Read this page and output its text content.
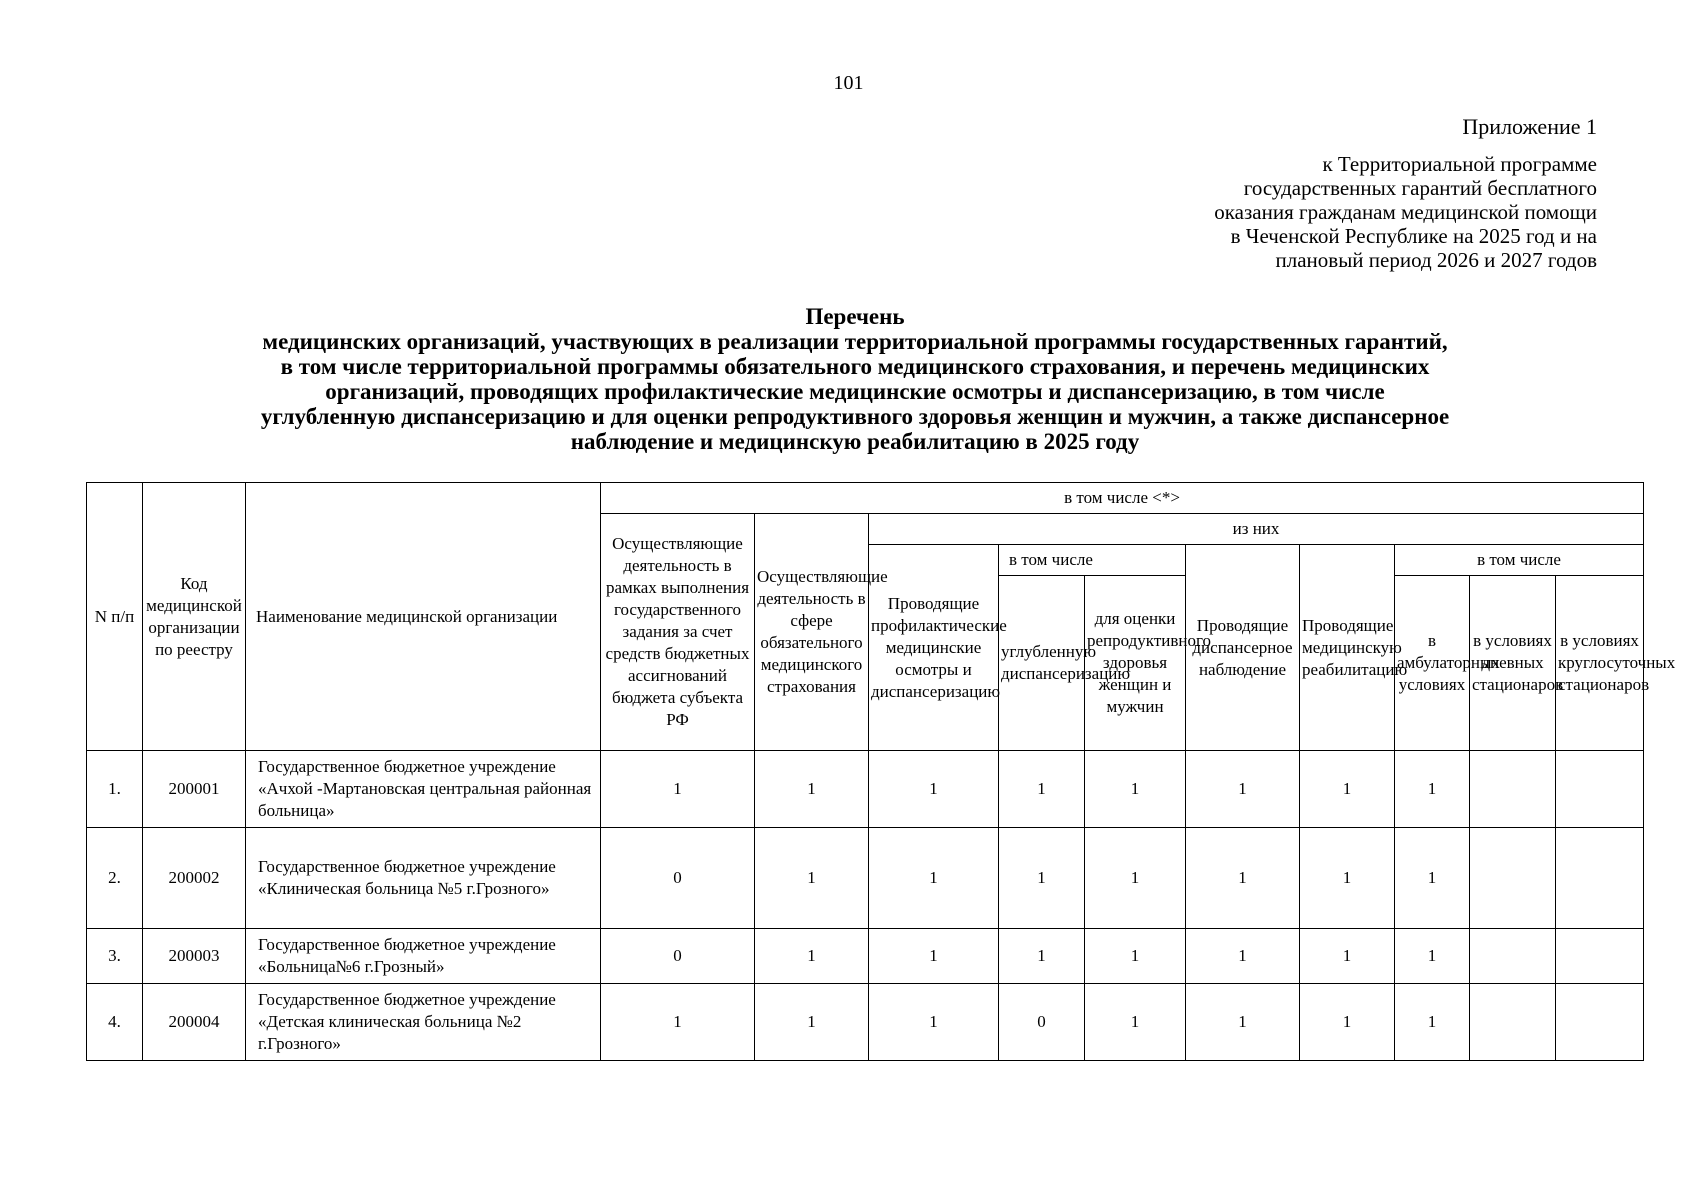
101
Приложение 1
к Территориальной программе
государственных гарантий бесплатного
оказания гражданам медицинской помощи
в Чеченской Республике на 2025 год и на
плановый период 2026 и 2027 годов
Перечень
медицинских организаций, участвующих в реализации территориальной программы государственных гарантий,
в том числе территориальной программы обязательного медицинского страхования, и перечень медицинских
организаций, проводящих профилактические медицинские осмотры и диспансеризацию, в том числе
углубленную диспансеризацию и для оценки репродуктивного здоровья женщин и мужчин, а также диспансерное
наблюдение и медицинскую реабилитацию в 2025 году
N п/п	Код медицинской организации по реестру	Наименование медицинской организации	в том числе <*>									
			Осуществляющие деятельность в рамках выполнения государственного задания за счет средств бюджетных ассигнований бюджета субъекта РФ	Осуществляющие деятельность в сфере обязательного медицинского страхования	из них							
					Проводящие профилактические медицинские осмотры и диспансеризацию	в том числе		Проводящие диспансерное наблюдение	Проводящие медицинскую реабилитацию	в том числе		
						углубленную диспансеризацию	для оценки репродуктивного здоровья женщин и мужчин			в амбулаторных условиях	в условиях дневных стационаров	в условиях круглосуточных стационаров
1.	200001	Государственное бюджетное учреждение «Ачхой -Мартановская центральная районная больница»	1	1	1	1	1	1	1	1		
2.	200002	Государственное бюджетное учреждение «Клиническая больница №5 г.Грозного»	0	1	1	1	1	1	1	1		
3.	200003	Государственное бюджетное учреждение «Больница№6 г.Грозный»	0	1	1	1	1	1	1	1		
4.	200004	Государственное бюджетное учреждение «Детская клиническая больница №2 г.Грозного»	1	1	1	0	1	1	1	1		
